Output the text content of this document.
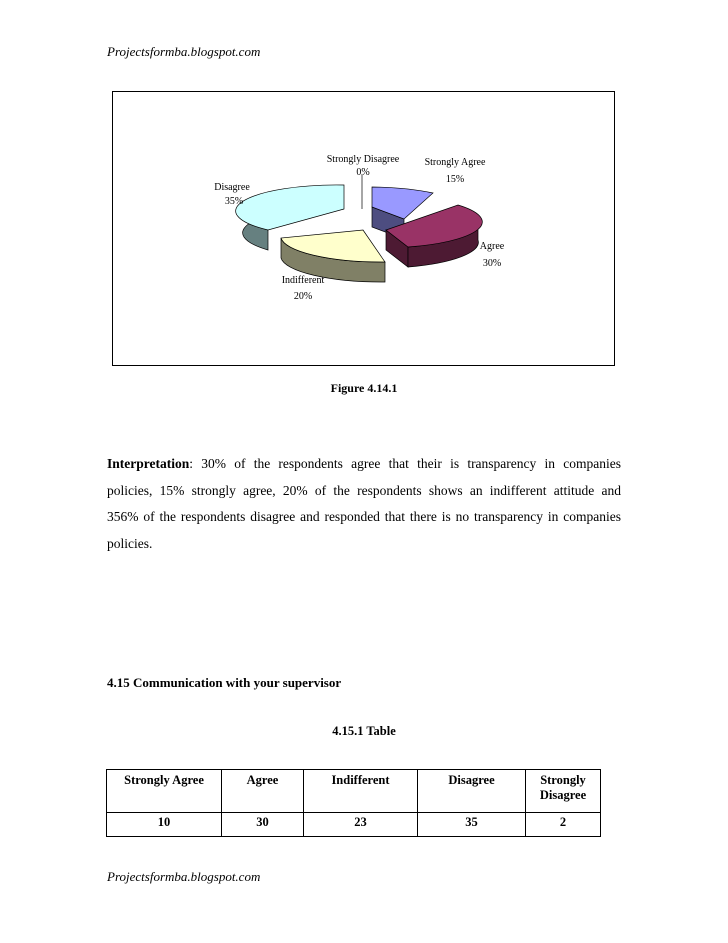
Projectsformba.blogspot.com
Strongly Disagree
0%
Strongly Agree
15%
Disagree
35%
Agree
30%
Indifferent
20%
Figure 4.14.1
Interpretation: 30% of the respondents agree that their is transparency in companies policies, 15% strongly agree, 20% of the respondents shows an indifferent attitude and 356% of the respondents disagree and responded that there is no transparency in companies policies.
4.15 Communication with your supervisor
4.15.1 Table
Strongly Agree	Agree	Indifferent	Disagree	Strongly Disagree
10	30	23	35	2
Projectsformba.blogspot.com
